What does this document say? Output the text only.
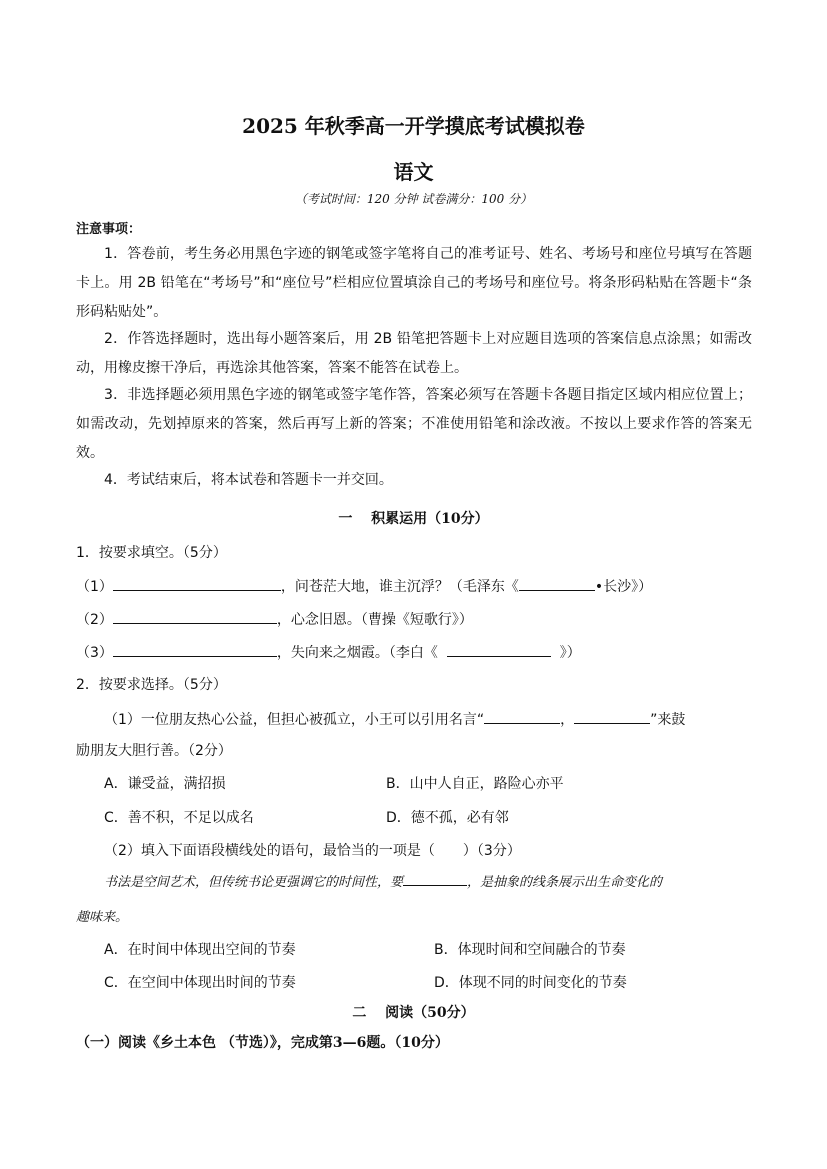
2025 年秋季高一开学摸底考试模拟卷
语文
（考试时间：120 分钟 试卷满分：100 分）
注意事项：
1．答卷前，考生务必用黑色字迹的钢笔或签字笔将自己的准考证号、姓名、考场号和座位号填写在答题卡上。用 2B 铅笔在“考场号”和“座位号”栏相应位置填涂自己的考场号和座位号。将条形码粘贴在答题卡“条形码粘贴处”。
2．作答选择题时，选出每小题答案后，用 2B 铅笔把答题卡上对应题目选项的答案信息点涂黑；如需改动，用橡皮擦干净后，再选涂其他答案，答案不能答在试卷上。
3．非选择题必须用黑色字迹的钢笔或签字笔作答，答案必须写在答题卡各题目指定区域内相应位置上；如需改动，先划掉原来的答案，然后再写上新的答案；不准使用铅笔和涂改液。不按以上要求作答的答案无效。
4．考试结束后，将本试卷和答题卡一并交回。
一　 积累运用（10分）
1．按要求填空。（5分）
（1）	，问苍茫大地，谁主沉浮？（毛泽东《	•长沙》）
（2）	，心念旧恩。（曹操《短歌行》）
（3）	，失向来之烟霞。（李白《	》）
2．按要求选择。（5分）
（1）一位朋友热心公益，但担心被孤立，小王可以引用名言“	，	”来鼓
励朋友大胆行善。（2分）
A．谦受益，满招损	B．山中人自正，路险心亦平
C．善不积，不足以成名	D．德不孤，必有邻
（2）填入下面语段横线处的语句，最恰当的一项是（　　）（3分）
书法是空间艺术，但传统书论更强调它的时间性，要	，是抽象的线条展示出生命变化的
趣味来。
A．在时间中体现出空间的节奏	B．体现时间和空间融合的节奏
C．在空间中体现出时间的节奏	D．体现不同的时间变化的节奏
二　 阅读（50分）
（一）阅读《乡土本色 （节选）》，完成第3—6题。（10分）
